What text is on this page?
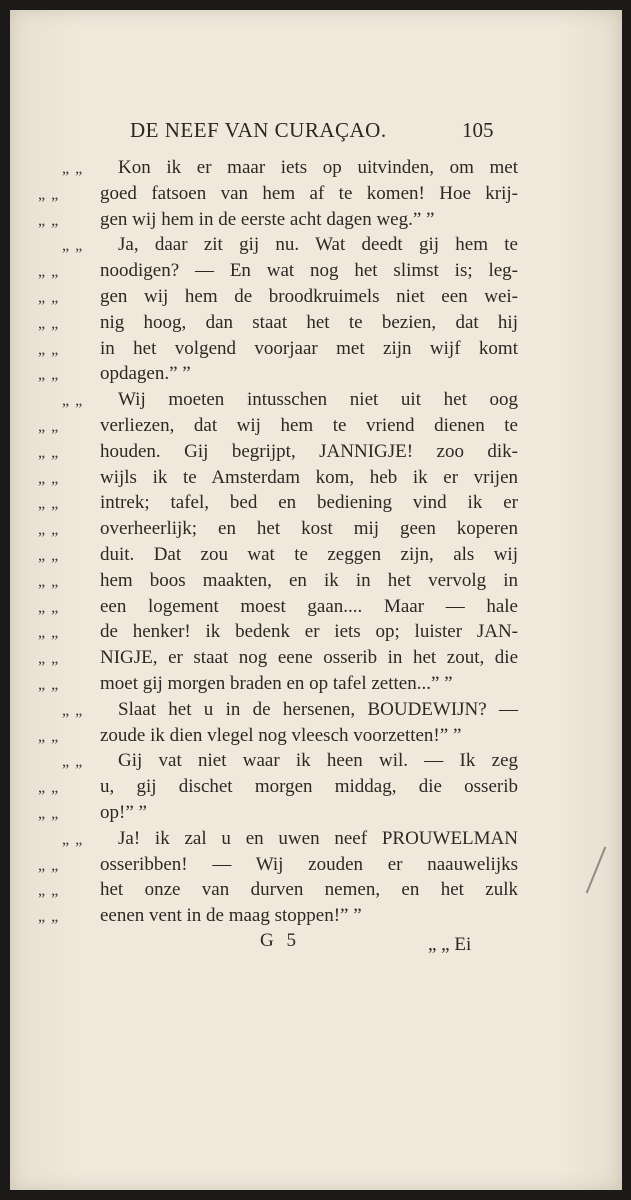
DE NEEF VAN CURAÇAO.	105
„ „	Kon ik er maar iets op uitvinden, om met
„ „	goed fatsoen van hem af te komen! Hoe krij-
„ „	gen wij hem in de eerste acht dagen weg.” ”
„ „	Ja, daar zit gij nu. Wat deedt gij hem te
„ „	noodigen? — En wat nog het slimst is; leg-
„ „	gen wij hem de broodkruimels niet een wei-
„ „	nig hoog, dan staat het te bezien, dat hij
„ „	in het volgend voorjaar met zijn wijf komt
„ „	opdagen.” ”
„ „	Wij moeten intusschen niet uit het oog
„ „	verliezen, dat wij hem te vriend dienen te
„ „	houden. Gij begrijpt, JANNIGJE! zoo dik-
„ „	wijls ik te Amsterdam kom, heb ik er vrijen
„ „	intrek; tafel, bed en bediening vind ik er
„ „	overheerlijk; en het kost mij geen koperen
„ „	duit. Dat zou wat te zeggen zijn, als wij
„ „	hem boos maakten, en ik in het vervolg in
„ „	een logement moest gaan.... Maar — hale
„ „	de henker! ik bedenk er iets op; luister JAN-
„ „	NIGJE, er staat nog eene osserib in het zout, die
„ „	moet gij morgen braden en op tafel zetten...” ”
„ „	Slaat het u in de hersenen, BOUDEWIJN? —
„ „	zoude ik dien vlegel nog vleesch voorzetten!” ”
„ „	Gij vat niet waar ik heen wil. — Ik zeg
„ „	u, gij dischet morgen middag, die osserib
„ „	op!” ”
„ „	Ja! ik zal u en uwen neef PROUWELMAN
„ „	osseribben! — Wij zouden er naauwelijks
„ „	het onze van durven nemen, en het zulk
„ „	eenen vent in de maag stoppen!” ”
G 5	„ „ Ei
